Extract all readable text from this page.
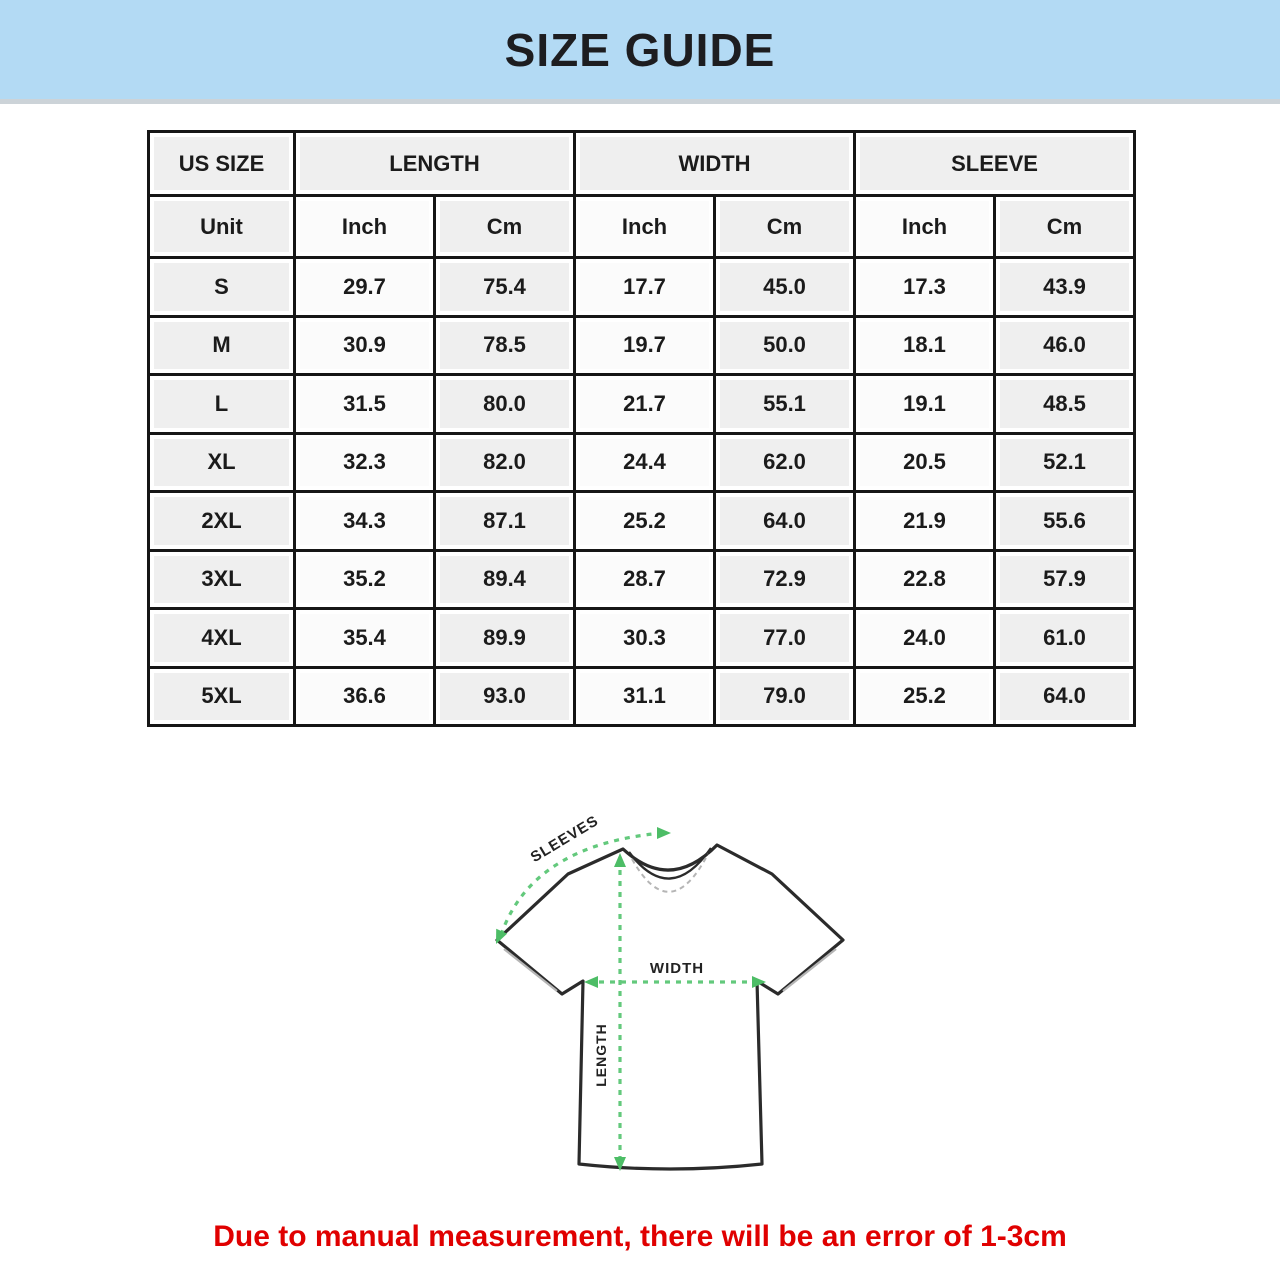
SIZE GUIDE
US SIZE	LENGTH		WIDTH		SLEEVE	
Unit	Inch	Cm	Inch	Cm	Inch	Cm
S	29.7	75.4	17.7	45.0	17.3	43.9
M	30.9	78.5	19.7	50.0	18.1	46.0
L	31.5	80.0	21.7	55.1	19.1	48.5
XL	32.3	82.0	24.4	62.0	20.5	52.1
2XL	34.3	87.1	25.2	64.0	21.9	55.6
3XL	35.2	89.4	28.7	72.9	22.8	57.9
4XL	35.4	89.9	30.3	77.0	24.0	61.0
5XL	36.6	93.0	31.1	79.0	25.2	64.0
LENGTH
WIDTH
SLEEVES

Due to manual measurement, there will be an error of 1-3cm
